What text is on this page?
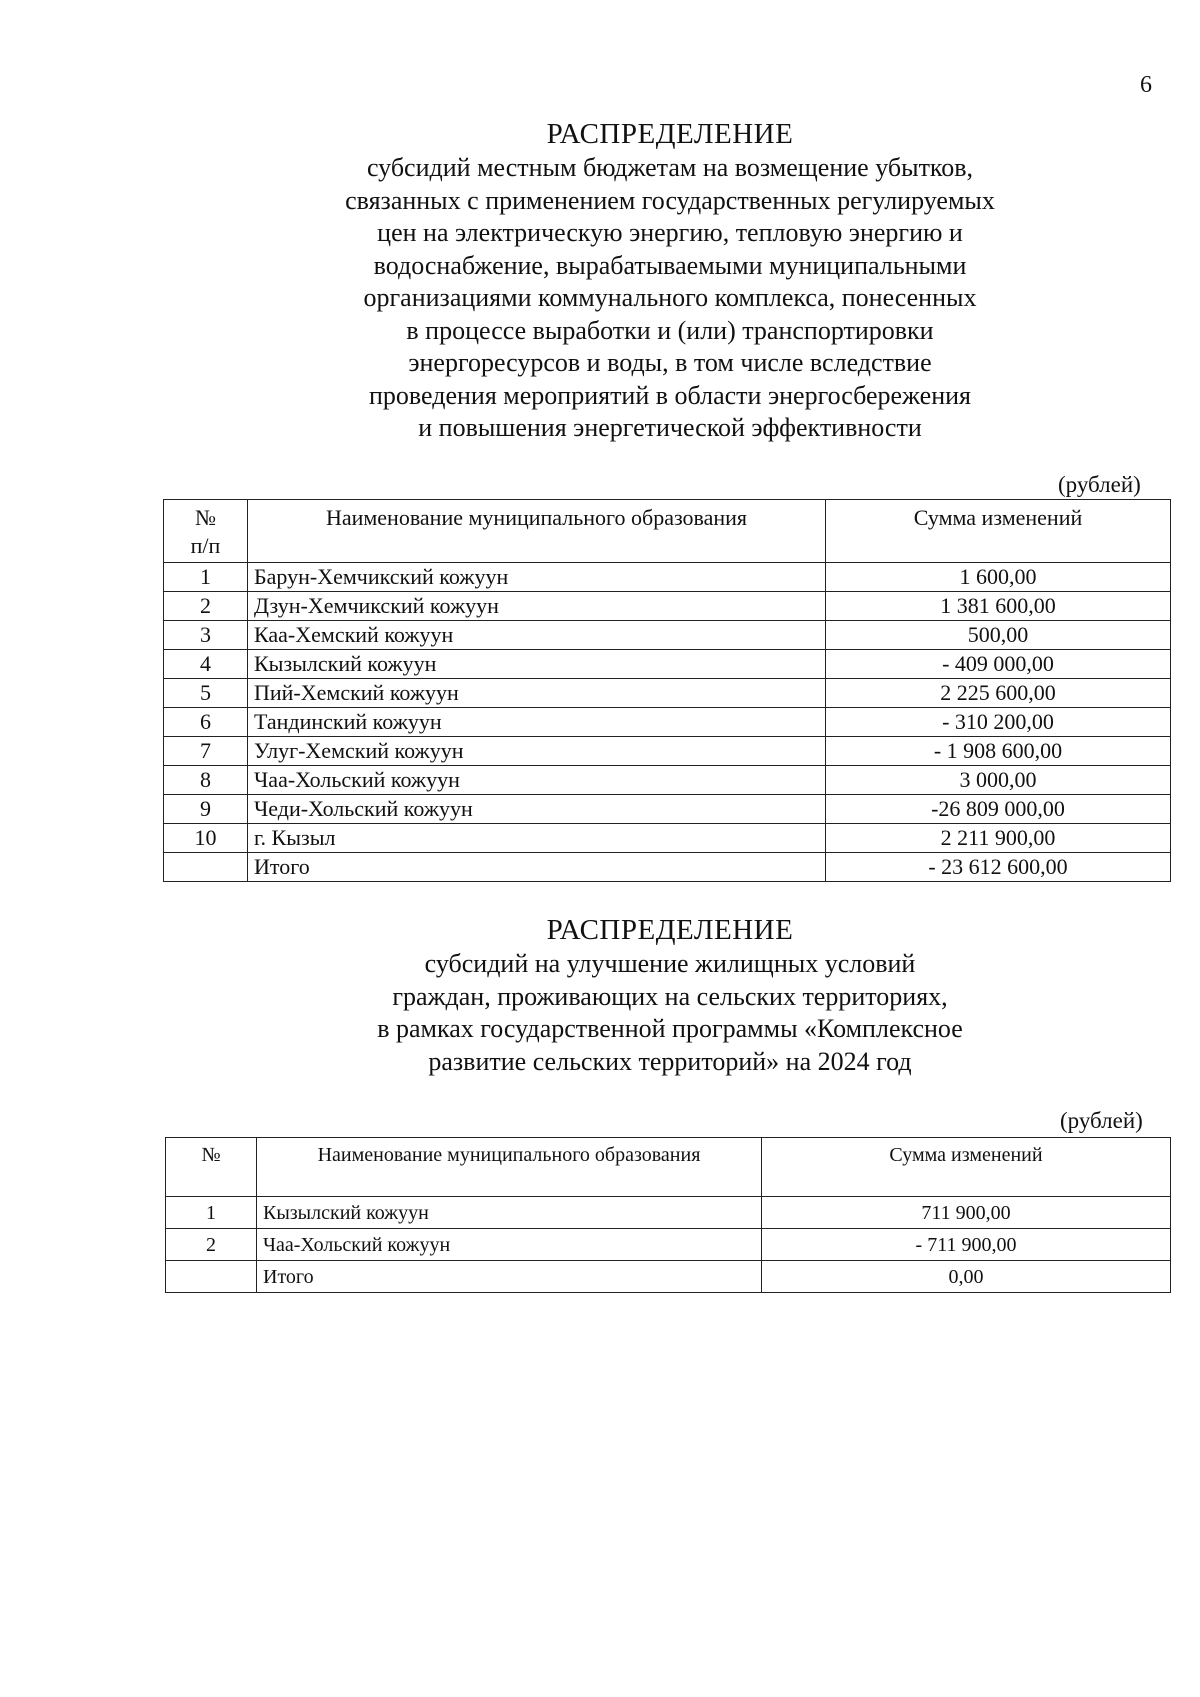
6
РАСПРЕДЕЛЕНИЕ
субсидий местным бюджетам на возмещение убытков,
связанных с применением государственных регулируемых
цен на электрическую энергию, тепловую энергию и
водоснабжение, вырабатываемыми муниципальными
организациями коммунального комплекса, понесенных
в процессе выработки и (или) транспортировки
энергоресурсов и воды, в том числе вследствие
проведения мероприятий в области энергосбережения
и повышения энергетической эффективности
(рублей)
№
п/п	Наименование муниципального образования	Сумма изменений
1	Барун-Хемчикский кожуун	1 600,00
2	Дзун-Хемчикский кожуун	1 381 600,00
3	Каа-Хемский кожуун	500,00
4	Кызылский кожуун	- 409 000,00
5	Пий-Хемский кожуун	2 225 600,00
6	Тандинский кожуун	- 310 200,00
7	Улуг-Хемский кожуун	- 1 908 600,00
8	Чаа-Хольский кожуун	3 000,00
9	Чеди-Хольский кожуун	-26 809 000,00
10	г. Кызыл	2 211 900,00
	Итого	- 23 612 600,00
РАСПРЕДЕЛЕНИЕ
субсидий на улучшение жилищных условий
граждан, проживающих на сельских территориях,
в рамках государственной программы «Комплексное
развитие сельских территорий» на 2024 год
(рублей)
№	Наименование муниципального образования	Сумма изменений
1	Кызылский кожуун	711 900,00
2	Чаа-Хольский кожуун	- 711 900,00
	Итого	0,00
